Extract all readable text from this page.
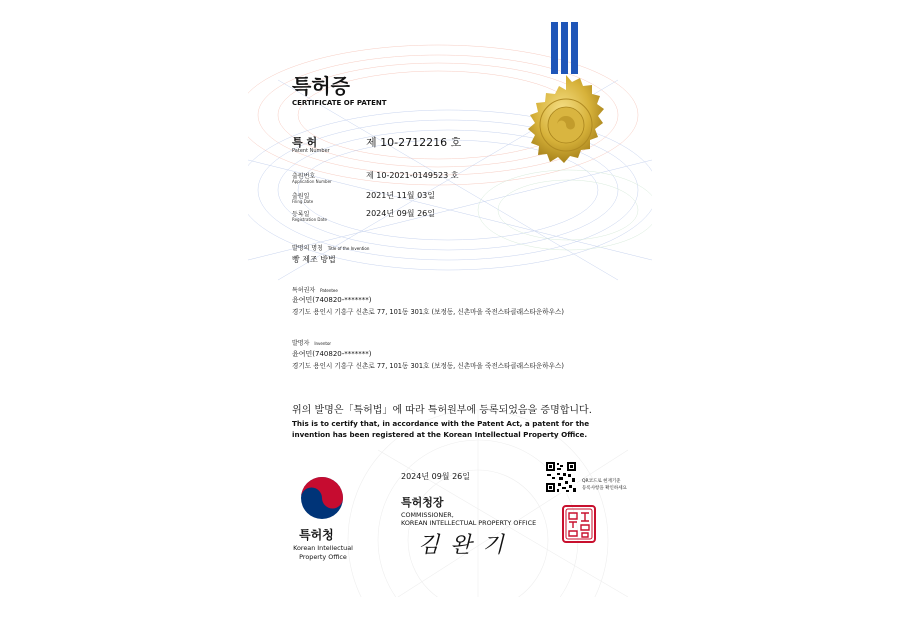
특허증
CERTIFICATE OF PATENT
특 허
Patent Number
제 10-2712216 호
출원번호
Application Number
제 10-2021-0149523 호
출원일
Filing Date
2021년 11월 03일
등록일
Registration Date
2024년 09월 26일
발명의 명칭 Title of the Invention
빵 제조 방법
특허권자 Patentee
윤여민(740820-*******)
경기도 용인시 기흥구 신촌로 77, 101동 301호 (보정동, 신촌마을 죽전스타클래스타운하우스)
발명자 Inventor
윤여민(740820-*******)
경기도 용인시 기흥구 신촌로 77, 101동 301호 (보정동, 신촌마을 죽전스타클래스타운하우스)
위의 발명은「특허법」에 따라 특허원부에 등록되었음을 증명합니다.
This is to certify that, in accordance with the Patent Act, a patent for the
invention has been registered at the Korean Intellectual Property Office.
2024년 09월 26일
QR코드로 현재기준
등록사항을 확인하세요
특허청장
COMMISSIONER,
KOREAN INTELLECTUAL PROPERTY OFFICE
김 완 기
특허청
Korean Intellectual
Property Office
